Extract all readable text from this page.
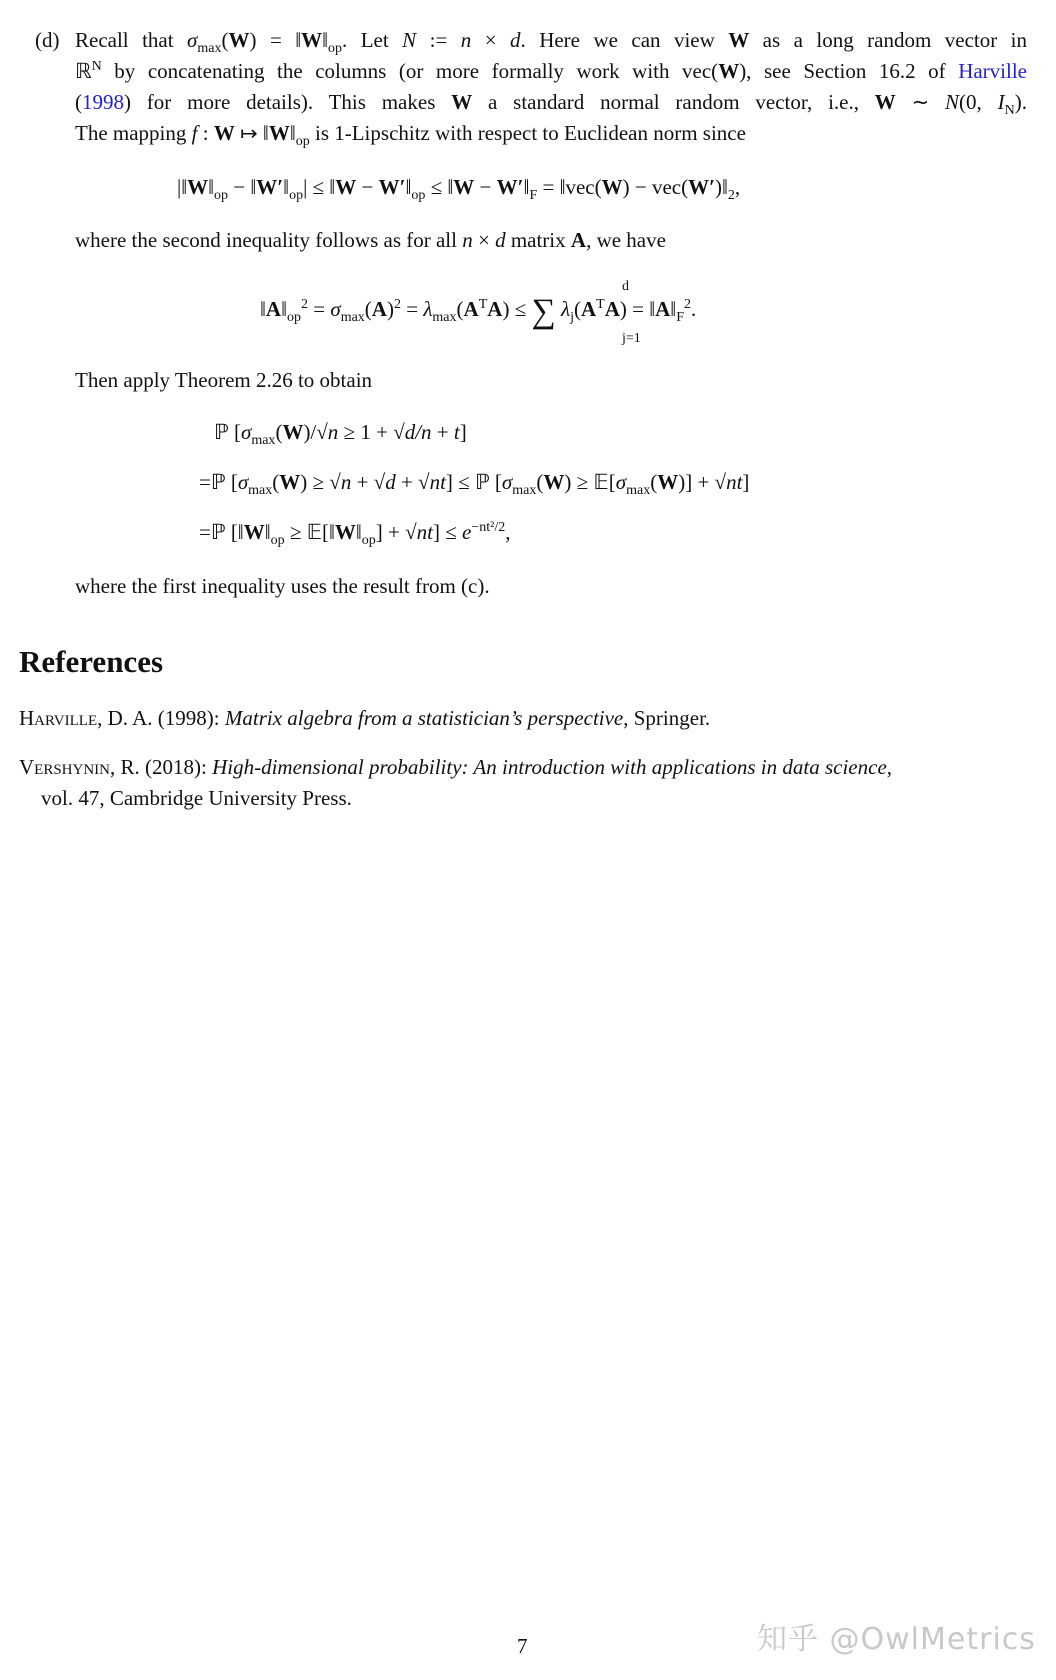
(d) Recall that $\sigma_{max}(W)$ = $‖W‖_{op}$. Let N := n × d. Here we can view W as a long random vector in
ℝ$^N$ by concatenating the columns (or more formally work with vec(W), see Section 16.2 of Harville
(1998) for more details). This makes W a standard normal random vector, i.e., W ∼ N(0, $I_N$).
The mapping f : W ↦ $‖W‖_{op}$ is 1-Lipschitz with respect to Euclidean norm since
$|‖W‖_{op}$ − $‖W'‖_{op}|$ ≤ ‖W − $W'‖_{op}$ ≤ ‖W − $W'‖_F$ = ‖vec(W) − $vec(W')‖_2$,
where the second inequality follows as for all n × d matrix A, we have
d
$‖A‖_{op}^2 = \sigma_{max}(A)^2 = \lambda_{max}(A^TA)$ ≤ ∑ $\lambda_j(A^TA)$ = $‖A‖_F^2$.
j=1
Then apply Theorem 2.26 to obtain
ℙ $[\sigma_{max}(W)/√n \ge 1 + √d/n + t]$
=ℙ $[\sigma_{max}(W) \ge √n + √d + √nt]$ ≤ ℙ [$\sigma_{max}(W)$ ≥ $𝔼[\sigma_{max}(W)] + √nt$]
=ℙ [$‖W‖_{op}$ ≥ $𝔼[‖W‖_{op}] + √nt] \le e^{-nt^2/2}$,
where the first inequality uses the result from (c).
References
Harville, D. A. (1998): Matrix algebra from a statistician’s perspective, Springer.
Vershynin, R. (2018): High-dimensional probability: An introduction with applications in data science,
vol. 47, Cambridge University Press.
7	知乎 @OwlMetrics
